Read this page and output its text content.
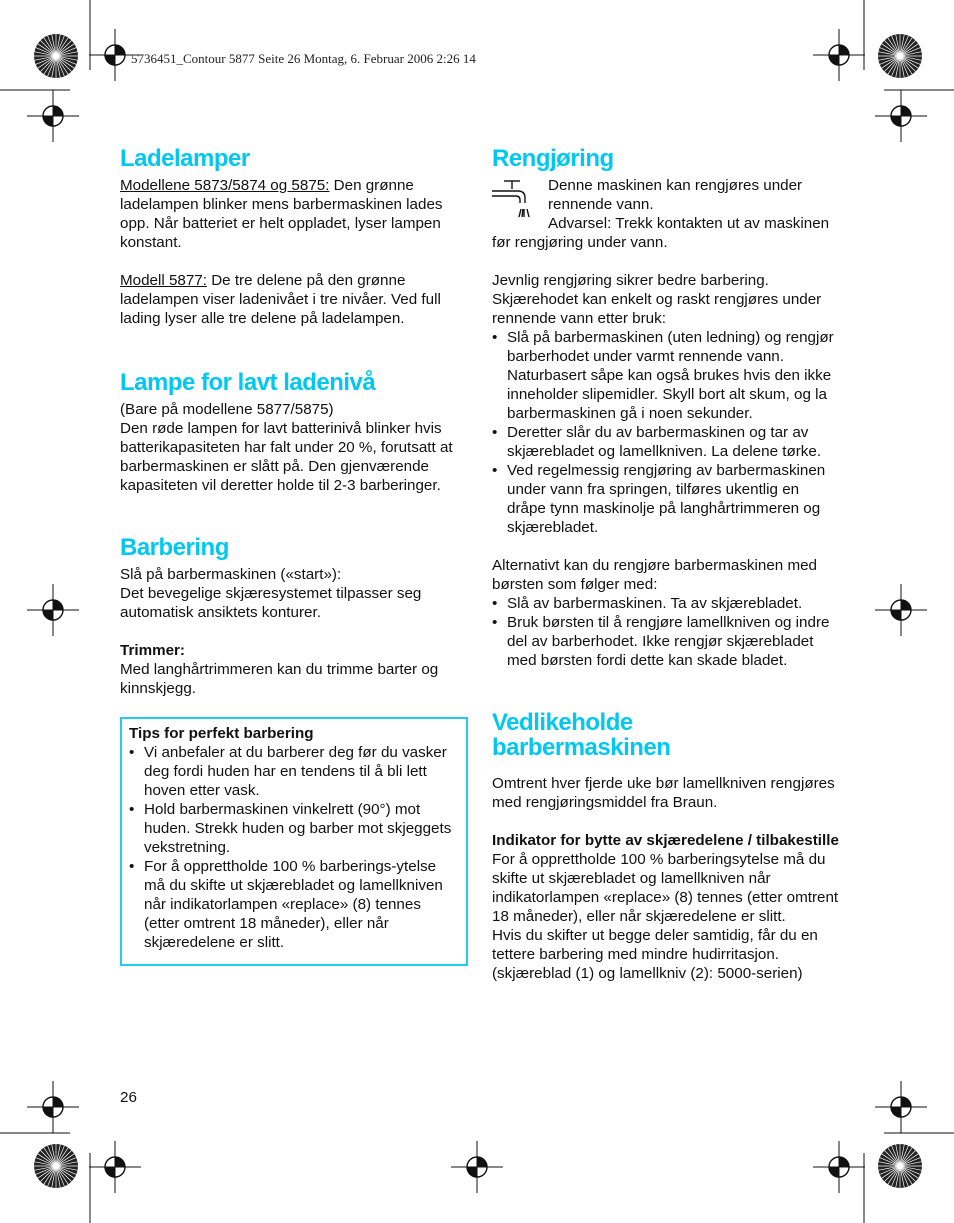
5736451_Contour 5877 Seite 26 Montag, 6. Februar 2006 2:26 14
Ladelamper

Modellene 5873/5874 og 5875: Den grønne ladelampen blinker mens barbermaskinen lades opp. Når batteriet er helt oppladet, lyser lampen konstant.

Modell 5877: De tre delene på den grønne ladelampen viser ladenivået i tre nivåer. Ved full lading lyser alle tre delene på ladelampen.

Lampe for lavt ladenivå

(Bare på modellene 5877/5875)

Den røde lampen for lavt batterinivå blinker hvis batterikapasiteten har falt under 20 %, forutsatt at barbermaskinen er slått på. Den gjenværende kapasiteten vil deretter holde til 2-3 barberinger.

Barbering

Slå på barbermaskinen («start»):

Det bevegelige skjæresystemet tilpasser seg automatisk ansiktets konturer.

Trimmer:

Med langhårtrimmeren kan du trimme barter og kinnskjegg.

Tips for perfekt barbering

• Vi anbefaler at du barberer deg før du vasker deg fordi huden har en tendens til å bli lett hoven etter vask.
• Hold barbermaskinen vinkelrett (90°) mot huden. Strekk huden og barber mot skjeggets vekstretning.
• For å opprettholde 100 % barberings-ytelse må du skifte ut skjærebladet og lamellkniven når indikatorlampen «replace» (8) tennes (etter omtrent 18 måneder), eller når skjæredelene er slitt.
Rengjøring

Denne maskinen kan rengjøres under rennende vann.

Advarsel: Trekk kontakten ut av maskinen før rengjøring under vann.

Jevnlig rengjøring sikrer bedre barbering. Skjærehodet kan enkelt og raskt rengjøres under rennende vann etter bruk:

• Slå på barbermaskinen (uten ledning) og rengjør barberhodet under varmt rennende vann. Naturbasert såpe kan også brukes hvis den ikke inneholder slipemidler. Skyll bort alt skum, og la barbermaskinen gå i noen sekunder.
• Deretter slår du av barbermaskinen og tar av skjærebladet og lamellkniven. La delene tørke.
• Ved regelmessig rengjøring av barbermaskinen under vann fra springen, tilføres ukentlig en dråpe tynn maskinolje på langhårtrimmeren og skjærebladet.

Alternativt kan du rengjøre barbermaskinen med børsten som følger med:

• Slå av barbermaskinen. Ta av skjærebladet.
• Bruk børsten til å rengjøre lamellkniven og indre del av barberhodet. Ikke rengjør skjærebladet med børsten fordi dette kan skade bladet.
Vedlikeholde
barbermaskinen

Omtrent hver fjerde uke bør lamellkniven rengjøres med rengjøringsmiddel fra Braun.

Indikator for bytte av skjæredelene / tilbakestille

For å opprettholde 100 % barberingsytelse må du skifte ut skjærebladet og lamellkniven når indikatorlampen «replace» (8) tennes (etter omtrent 18 måneder), eller når skjæredelene er slitt.

Hvis du skifter ut begge deler samtidig, får du en tettere barbering med mindre hudirritasjon.

(skjæreblad (1) og lamellkniv (2): 5000-serien)

26
